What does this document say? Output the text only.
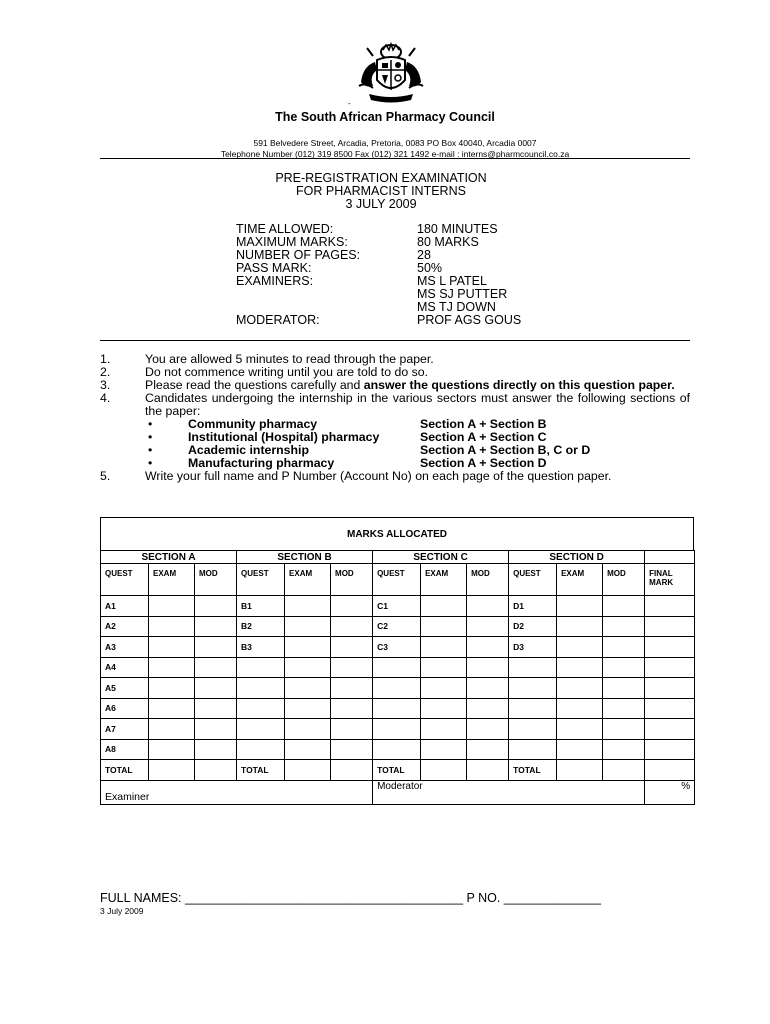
-
The South African Pharmacy Council
591 Belvedere Street, Arcadia, Pretoria, 0083 PO Box 40040, Arcadia 0007
Telephone Number (012) 319 8500 Fax (012) 321 1492 e-mail : interns@pharmcouncil.co.za
PRE-REGISTRATION EXAMINATION
FOR PHARMACIST INTERNS
3 JULY 2009
TIME ALLOWED:	180 MINUTES
MAXIMUM MARKS:	80 MARKS
NUMBER OF PAGES:	28
PASS MARK:	50%
EXAMINERS:	MS L PATEL
MS SJ PUTTER
MS TJ DOWN
MODERATOR:	PROF AGS GOUS
1.	You are allowed 5 minutes to read through the paper.
2.	Do not commence writing until you are told to do so.
3.	Please read the questions carefully and answer the questions directly on this question paper.
4.	Candidates undergoing the internship in the various sectors must answer the following sections of the paper:
•	Community pharmacy	Section A + Section B
•	Institutional (Hospital) pharmacy	Section A + Section C
•	Academic internship	Section A + Section B, C or D
•	Manufacturing pharmacy	Section A + Section D
5.	Write your full name and P Number (Account No) on each page of the question paper.
MARKS ALLOCATED
SECTION A			SECTION B			SECTION C			SECTION D			
QUEST	EXAM	MOD	QUEST	EXAM	MOD	QUEST	EXAM	MOD	QUEST	EXAM	MOD	FINAL MARK
A1			B1			C1			D1			
A2			B2			C2			D2			
A3			B3			C3			D3			
A4												
A5												
A6												
A7												
A8												
TOTAL			TOTAL			TOTAL			TOTAL			
Examiner						Moderator						%
FULL NAMES: ________________________________________ P NO. ______________
3 July 2009
